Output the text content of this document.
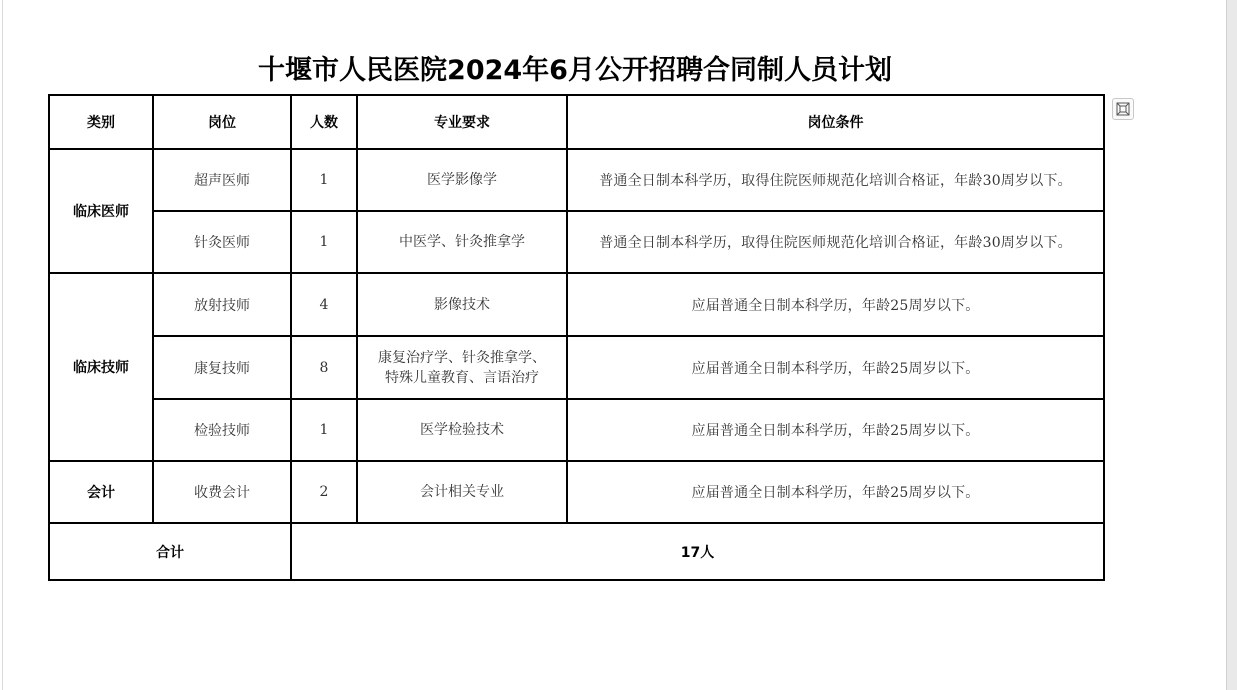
十堰市人民医院2024年6月公开招聘合同制人员计划
类别	岗位	人数	专业要求	岗位条件
临床医师	超声医师	1	医学影像学	普通全日制本科学历，取得住院医师规范化培训合格证，年龄30周岁以下。
	针灸医师	1	中医学、针灸推拿学	普通全日制本科学历，取得住院医师规范化培训合格证，年龄30周岁以下。
临床技师	放射技师	4	影像技术	应届普通全日制本科学历，年龄25周岁以下。
	康复技师	8	康复治疗学、针灸推拿学、
特殊儿童教育、言语治疗	应届普通全日制本科学历，年龄25周岁以下。
	检验技师	1	医学检验技术	应届普通全日制本科学历，年龄25周岁以下。
会计	收费会计	2	会计相关专业	应届普通全日制本科学历，年龄25周岁以下。
合计		17人		
